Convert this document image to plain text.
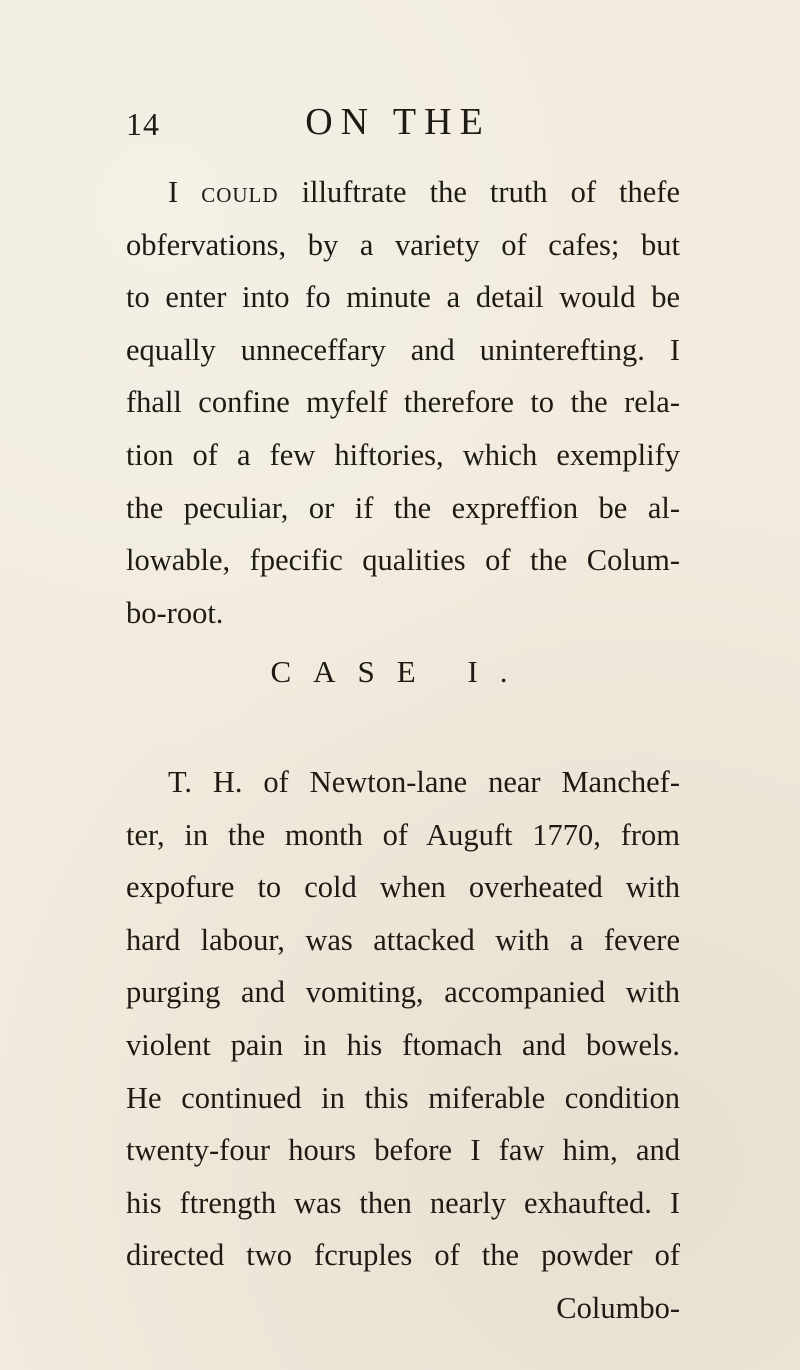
14	ON THE
I could illuftrate the truth of thefe
obfervations, by a variety of cafes; but
to enter into fo minute a detail would be
equally unneceffary and uninterefting. I
fhall confine myfelf therefore to the rela-
tion of a few hiftories, which exemplify
the peculiar, or if the expreffion be al-
lowable, fpecific qualities of the Colum-
bo-root.
CASE I.
T. H. of Newton-lane near Manchef-
ter, in the month of Auguft 1770, from
expofure to cold when overheated with
hard labour, was attacked with a fevere
purging and vomiting, accompanied with
violent pain in his ftomach and bowels.
He continued in this miferable condition
twenty-four hours before I faw him, and
his ftrength was then nearly exhaufted. I
directed two fcruples of the powder of
Columbo-
